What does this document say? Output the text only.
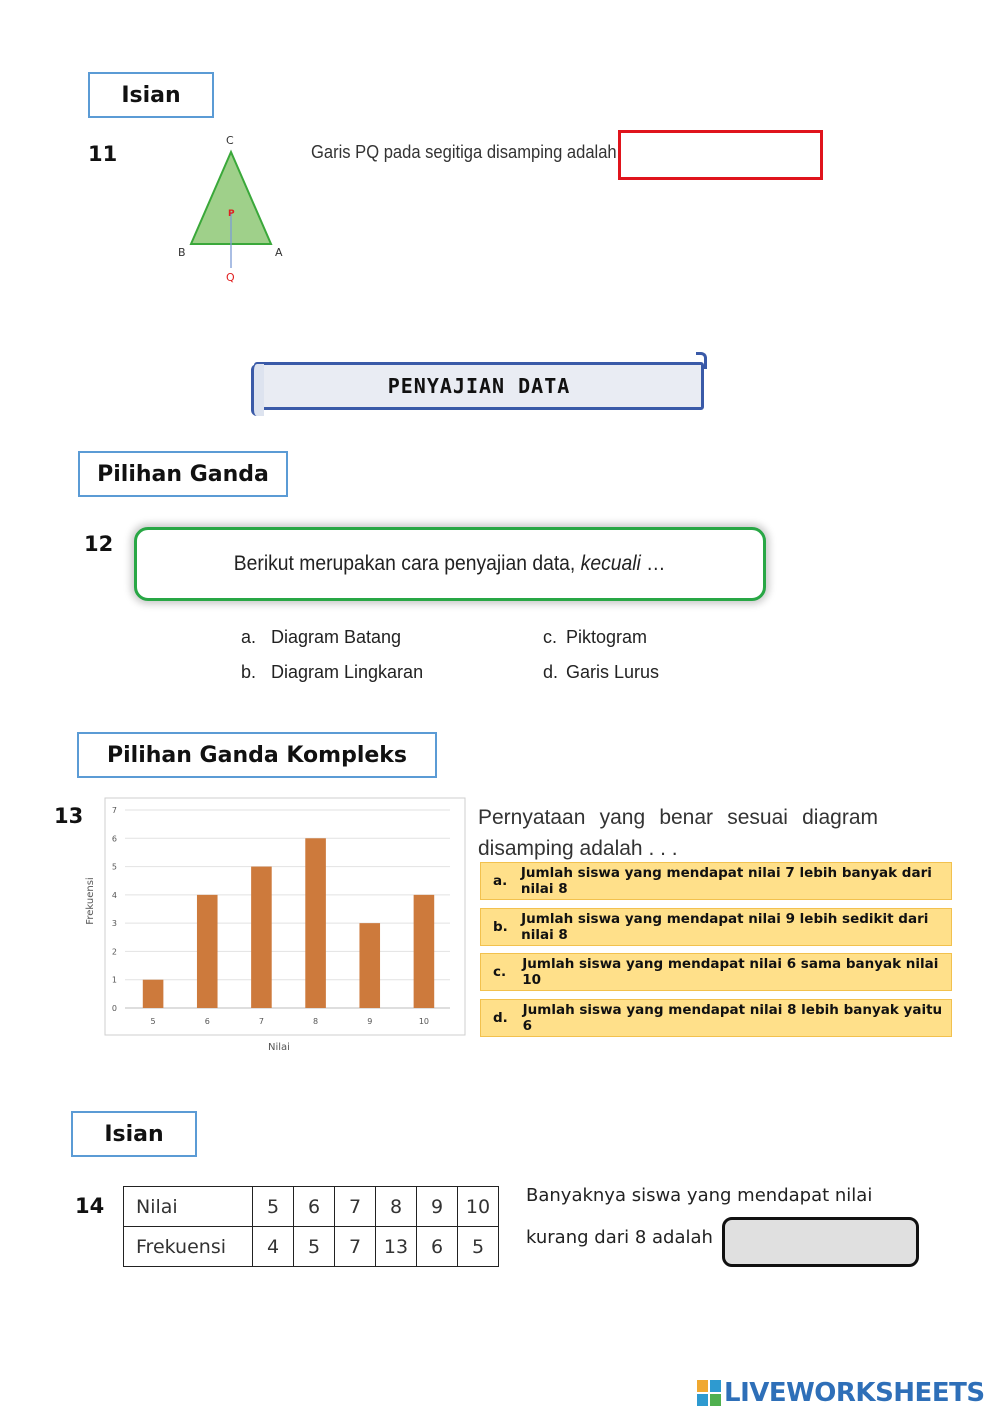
Isian
11
C
B	A
P
Q
Garis PQ pada segitiga disamping adalah
PENYAJIAN DATA
Pilihan Ganda
12
Berikut merupakan cara penyajian data, kecuali …
a. Diagram Batang
b. Diagram Lingkaran
c. Piktogram
d. Garis Lurus
Pilihan Ganda Kompleks
13
0
1
2
3
4
5
6
7
5	6	7	8	9	10
Nilai
Frekuensi
Pernyataan yang benar sesuai diagram disamping adalah . . .
a.	Jumlah siswa yang mendapat nilai 7 lebih banyak dari nilai 8
b. Jumlah siswa yang mendapat nilai 9 lebih sedikit dari nilai 8
c.	Jumlah siswa yang mendapat nilai 6 sama banyak nilai 10
d.	Jumlah siswa yang mendapat nilai 8 lebih banyak yaitu 6
Isian
14 Nilai	5	6	7	8	9	10
Frekuensi	4	5	7	13	6	5
Banyaknya siswa yang mendapat nilai
kurang dari 8 adalah
LIVE WORKSHEETS
